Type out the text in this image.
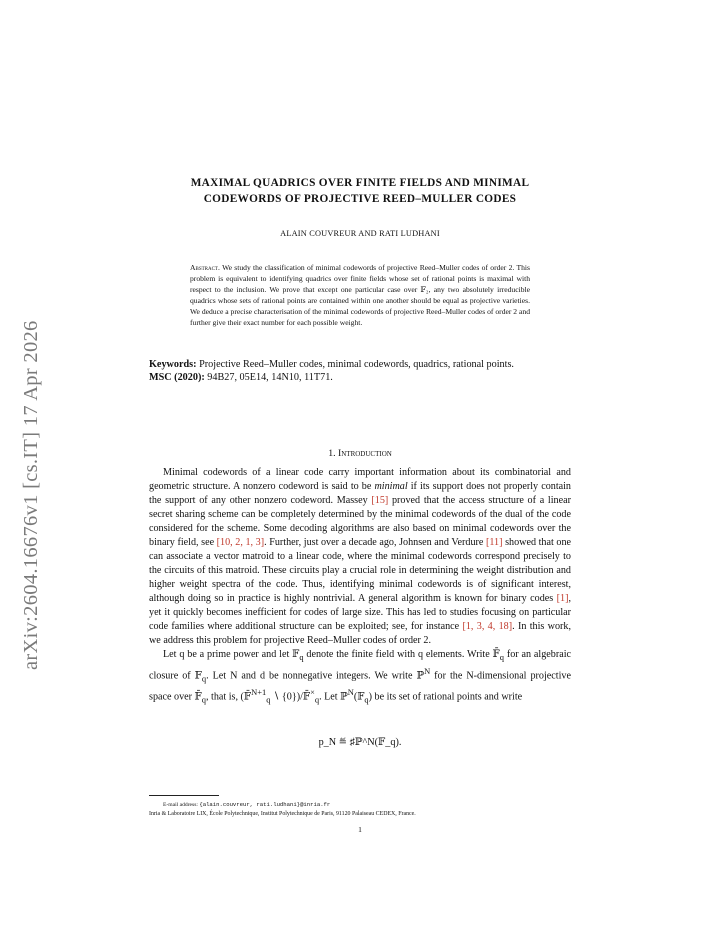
arXiv:2604.16676v1 [cs.IT] 17 Apr 2026
MAXIMAL QUADRICS OVER FINITE FIELDS AND MINIMAL
CODEWORDS OF PROJECTIVE REED–MULLER CODES
ALAIN COUVREUR AND RATI LUDHANI
Abstract. We study the classification of minimal codewords of projective Reed–Muller codes of order 2. This problem is equivalent to identifying quadrics over finite fields whose set of rational points is maximal with respect to the inclusion. We prove that except one particular case over 𝔽₂, any two absolutely irreducible quadrics whose sets of rational points are contained within one another should be equal as projective varieties. We deduce a precise characterisation of the minimal codewords of projective Reed–Muller codes of order 2 and further give their exact number for each possible weight.
Keywords: Projective Reed–Muller codes, minimal codewords, quadrics, rational points.
MSC (2020): 94B27, 05E14, 14N10, 11T71.
1. Introduction

Minimal codewords of a linear code carry important information about its combinatorial and geometric structure. A nonzero codeword is said to be minimal if its support does not properly contain the support of any other nonzero codeword. Massey [15] proved that the access structure of a linear secret sharing scheme can be completely determined by the minimal codewords of the dual of the code considered for the scheme. Some decoding algorithms are also based on minimal codewords over the binary field, see [10, 2, 1, 3]. Further, just over a decade ago, Johnsen and Verdure [11] showed that one can associate a vector matroid to a linear code, where the minimal codewords correspond precisely to the circuits of this matroid. These circuits play a crucial role in determining the weight distribution and higher weight spectra of the code. Thus, identifying minimal codewords is of significant interest, although doing so in practice is highly nontrivial. A general algorithm is known for binary codes [1], yet it quickly becomes inefficient for codes of large size. This has led to studies focusing on particular code families where additional structure can be exploited; see, for instance [1, 3, 4, 18]. In this work, we address this problem for projective Reed–Muller codes of order 2.

Let q be a prime power and let 𝔽$_q$ denote the finite field with q elements. Write $𝔽̄_q$ for an algebraic closure of 𝔽$_q$. Let N and d be nonnegative integers. We write ℙ$^N$ for the N-dimensional projective space over $𝔽̄_q$, that is, (𝔽̄$^{N+1}_q$ ∖ $\{0\})/𝔽̄^\times_q$. Let ℙ$^N$(𝔽$_q$) be its set of rational points and write

p_N ≝ ♯ℙ^N(𝔽_q).
E-mail address: {alain.couvreur, rati.ludhani}@inria.fr
Inria & Laboratoire LIX, École Polytechnique, Institut Polytechnique de Paris, 91120 Palaiseau CEDEX, France.
1
